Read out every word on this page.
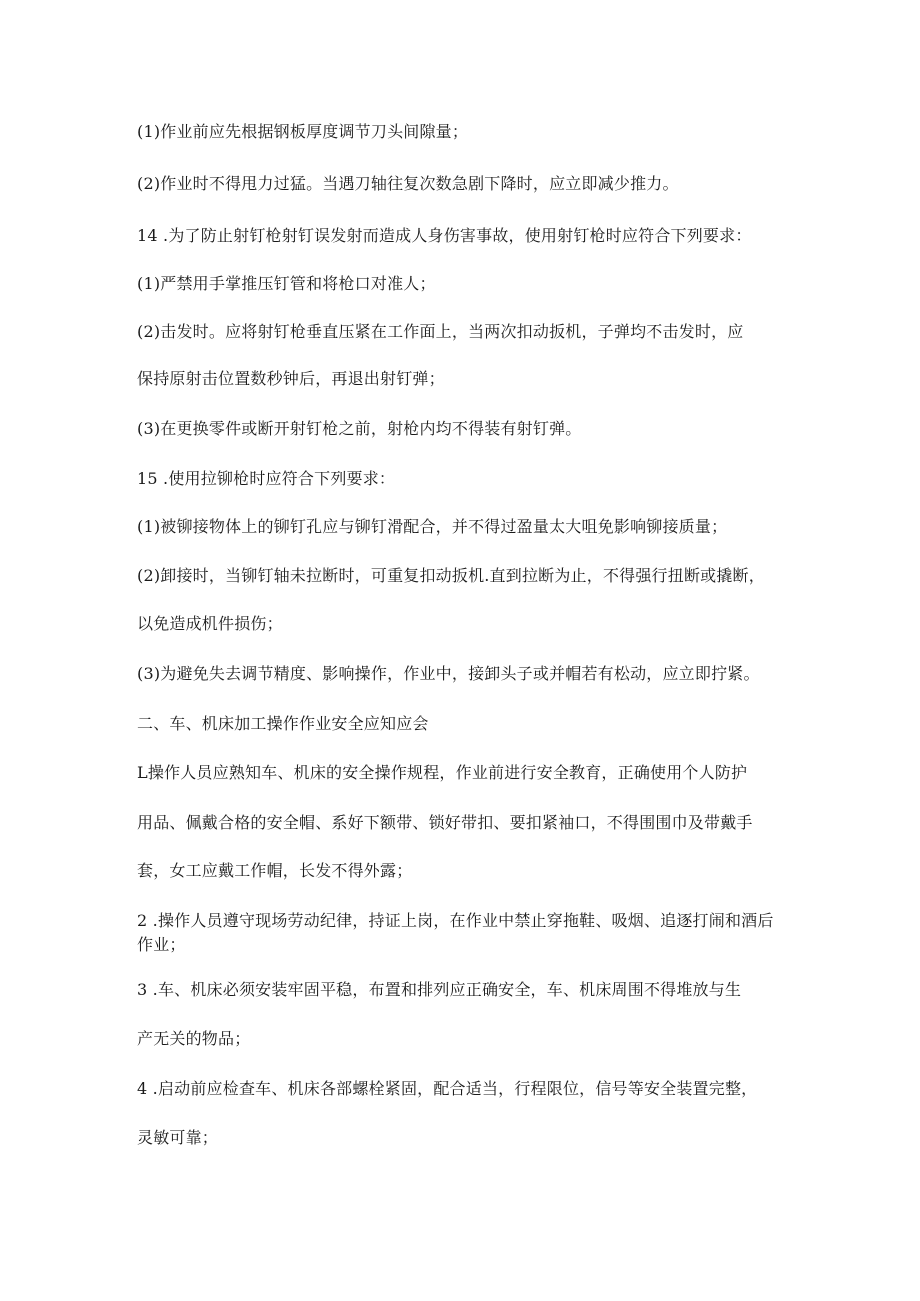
(1)作业前应先根据钢板厚度调节刀头间隙量；
(2)作业时不得甩力过猛。当遇刀轴往复次数急剧下降时，应立即减少推力。
14 .为了防止射钉枪射钉误发射而造成人身伤害事故，使用射钉枪时应符合下列要求：
(1)严禁用手掌推压钉管和将枪口对准人；
(2)击发时。应将射钉枪垂直压紧在工作面上，当两次扣动扳机，子弹均不击发时，应
保持原射击位置数秒钟后，再退出射钉弹；
(3)在更换零件或断开射钉枪之前，射枪内均不得装有射钉弹。
15 .使用拉铆枪时应符合下列要求：
(1)被铆接物体上的铆钉孔应与铆钉滑配合，并不得过盈量太大咀免影响铆接质量；
(2)卸接时，当铆钉轴未拉断时，可重复扣动扳机.直到拉断为止，不得强行扭断或撬断，
以免造成机件损伤；
(3)为避免失去调节精度、影响操作，作业中，接卸头子或并帽若有松动，应立即拧紧。
二、车、机床加工操作作业安全应知应会
L操作人员应熟知车、机床的安全操作规程，作业前进行安全教育，正确使用个人防护
用品、佩戴合格的安全帽、系好下额带、锁好带扣、要扣紧袖口，不得围围巾及带戴手
套，女工应戴工作帽，长发不得外露；
2 .操作人员遵守现场劳动纪律，持证上岗，在作业中禁止穿拖鞋、吸烟、追逐打闹和酒后作业；
3 .车、机床必须安装牢固平稳，布置和排列应正确安全，车、机床周围不得堆放与生
产无关的物品；
4 .启动前应检查车、机床各部螺栓紧固，配合适当，行程限位，信号等安全装置完整，
灵敏可靠；
